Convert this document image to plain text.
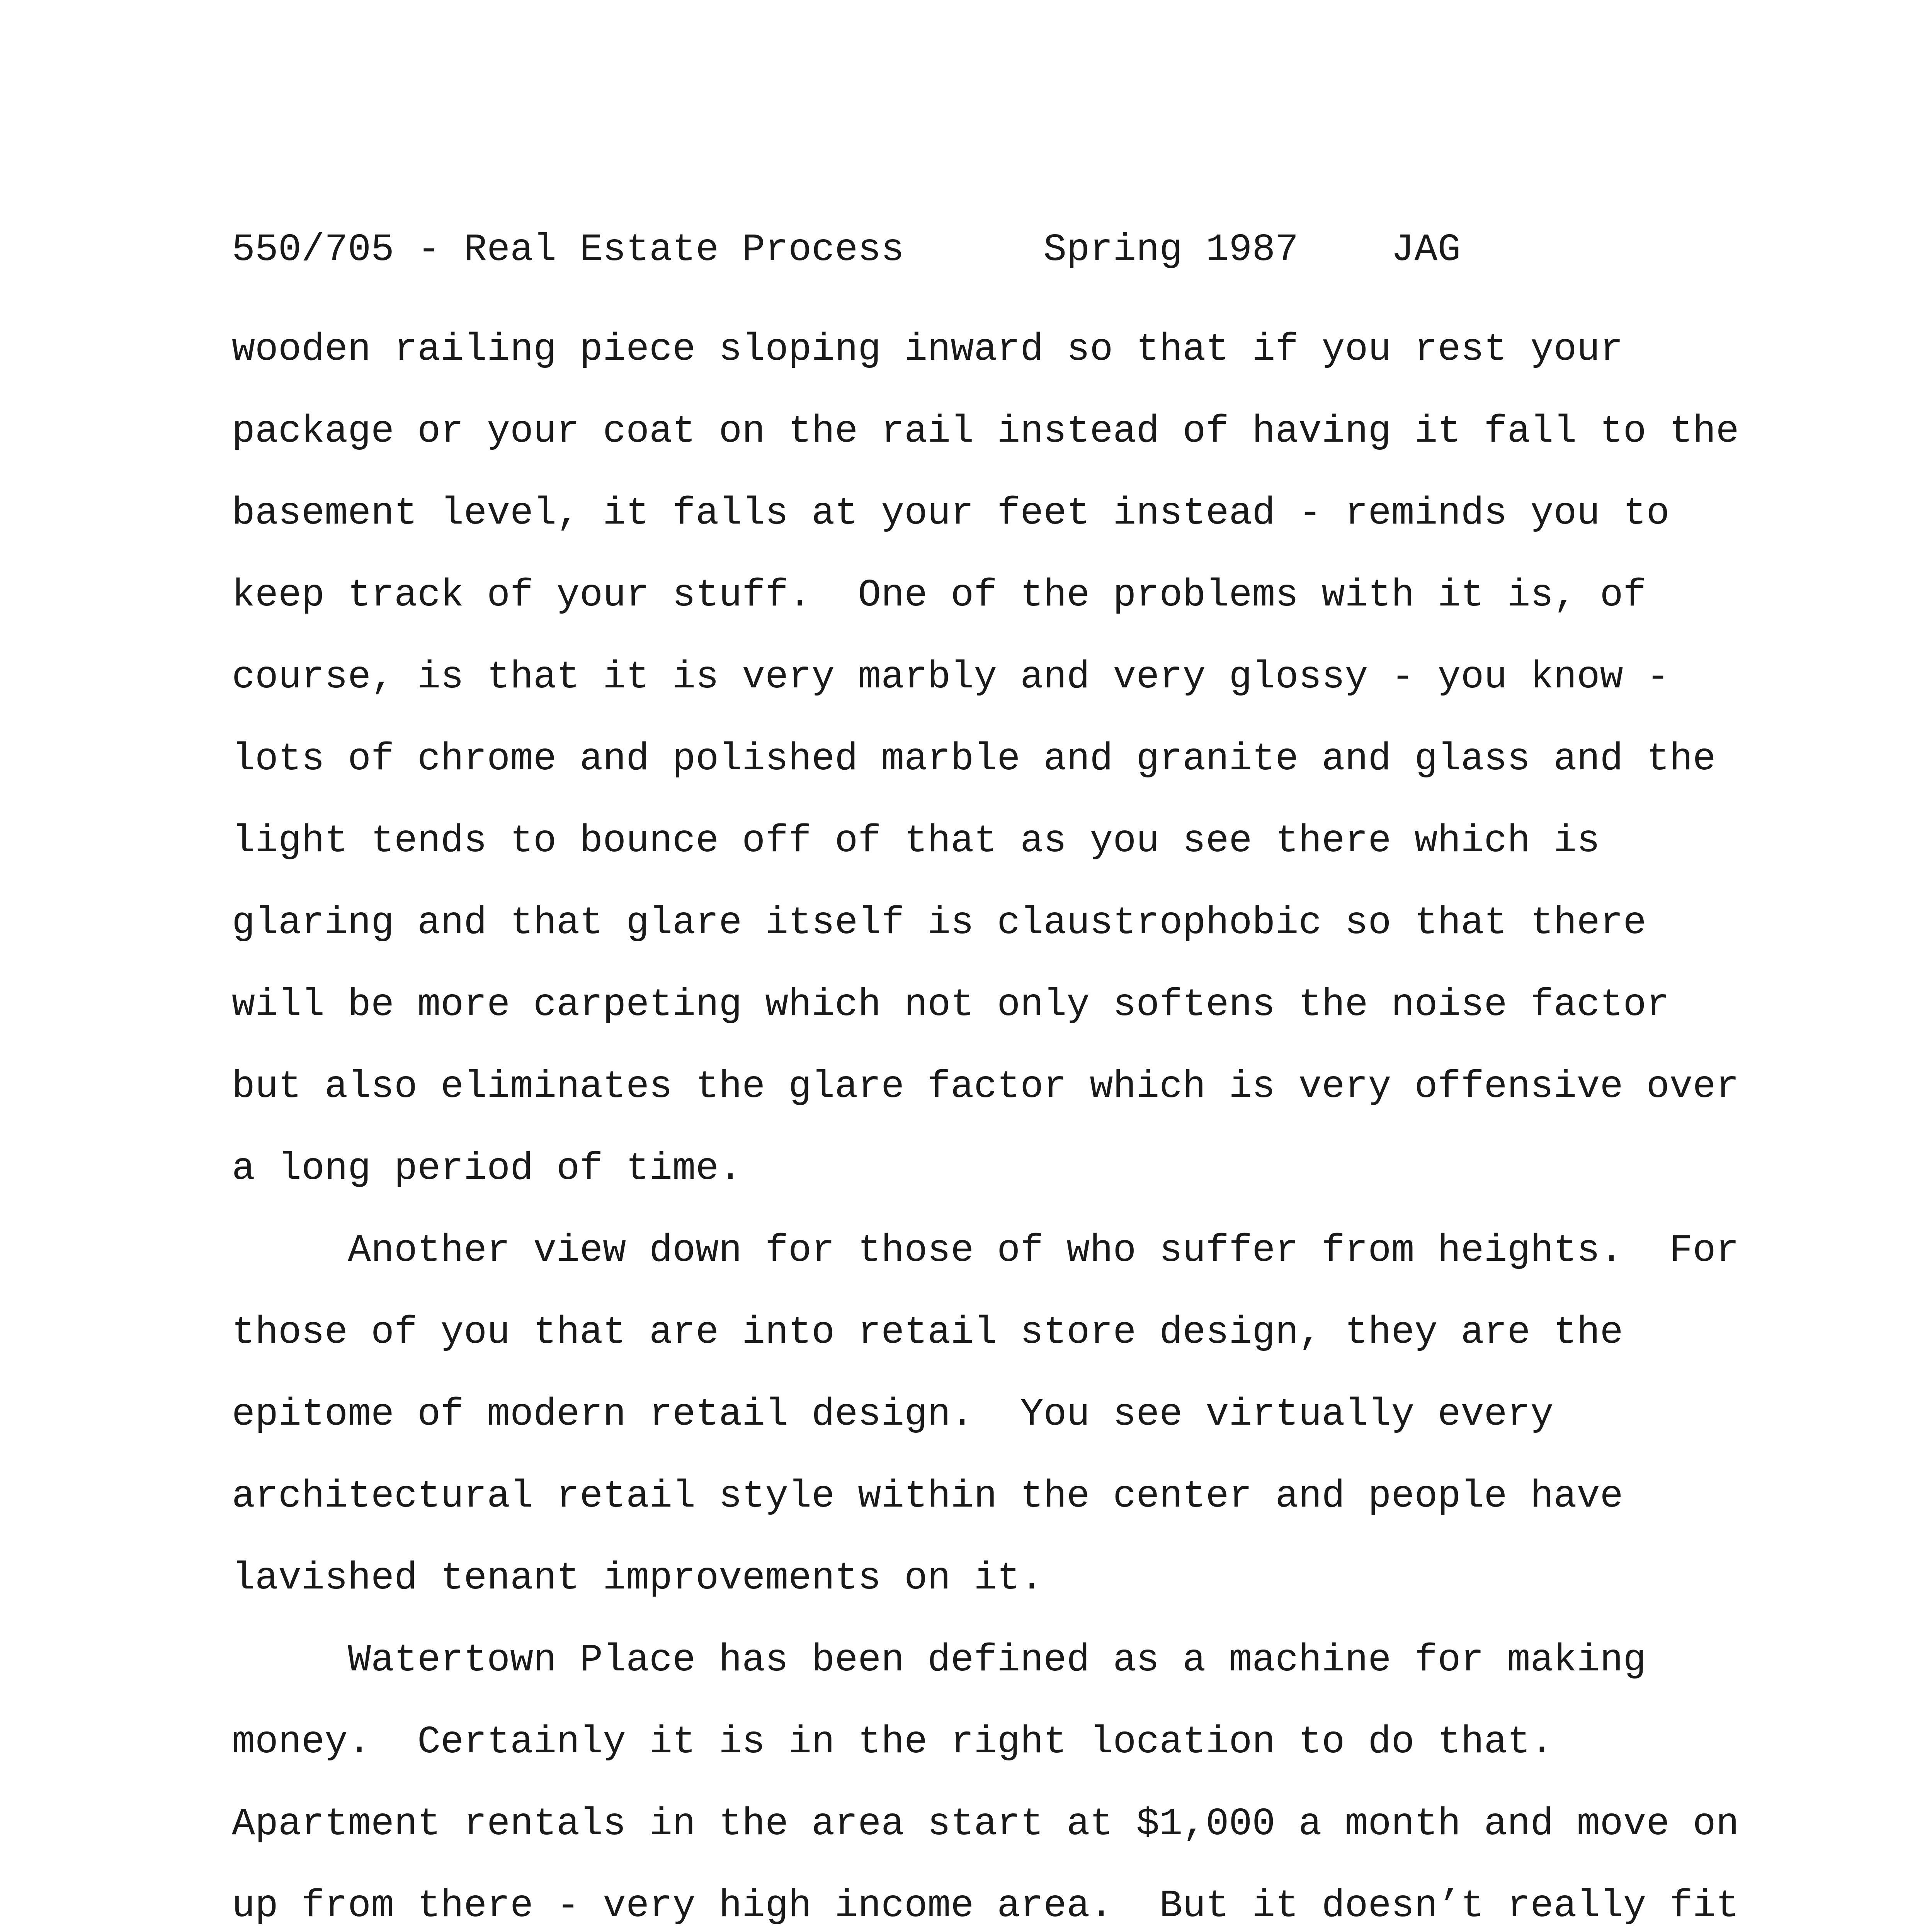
550/705 - Real Estate Process	Spring 1987 JAG
wooden railing piece sloping inward so that if you rest your
package or your coat on the rail instead of having it fall to the
basement level, it falls at your feet instead - reminds you to
keep track of your stuff.  One of the problems with it is, of
course, is that it is very marbly and very glossy - you know -
lots of chrome and polished marble and granite and glass and the
light tends to bounce off of that as you see there which is
glaring and that glare itself is claustrophobic so that there
will be more carpeting which not only softens the noise factor
but also eliminates the glare factor which is very offensive over
a long period of time.
Another view down for those of who suffer from heights.  For
those of you that are into retail store design, they are the
epitome of modern retail design.  You see virtually every
architectural retail style within the center and people have
lavished tenant improvements on it.
Watertown Place has been defined as a machine for making
money.  Certainly it is in the right location to do that.
Apartment rentals in the area start at $1,000 a month and move on
up from there - very high income area.  But it doesn’t really fit
